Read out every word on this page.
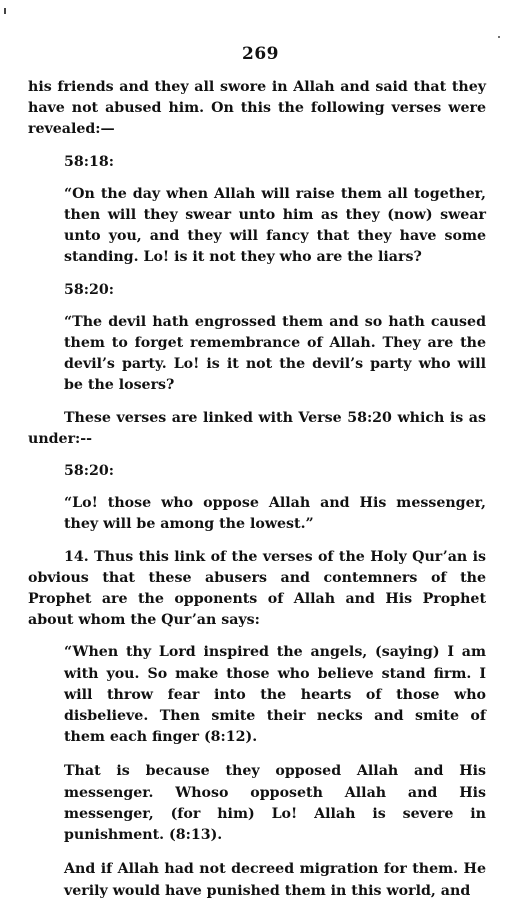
269

his friends and they all swore in Allah and said that they have not abused him. On this the following verses were revealed:—

58:18:

“On the day when Allah will raise them all together, then will they swear unto him as they (now) swear unto you, and they will fancy that they have some standing. Lo! is it not they who are the liars?

58:20:

“The devil hath engrossed them and so hath caused them to forget remembrance of Allah. They are the devil’s party. Lo! is it not the devil’s party who will be the losers?

These verses are linked with Verse 58:20 which is as under:--

58:20:

“Lo! those who oppose Allah and His messenger, they will be among the lowest.”

14. Thus this link of the verses of the Holy Qur’an is obvious that these abusers and contemners of the Prophet are the opponents of Allah and His Prophet about whom the Qur’an says:

“When thy Lord inspired the angels, (saying) I am with you. So make those who believe stand firm. I will throw fear into the hearts of those who disbelieve. Then smite their necks and smite of them each finger (8:12).

That is because they opposed Allah and His messenger. Whoso opposeth Allah and His messenger, (for him) Lo! Allah is severe in punishment. (8:13).

And if Allah had not decreed migration for them. He verily would have punished them in this world, and
